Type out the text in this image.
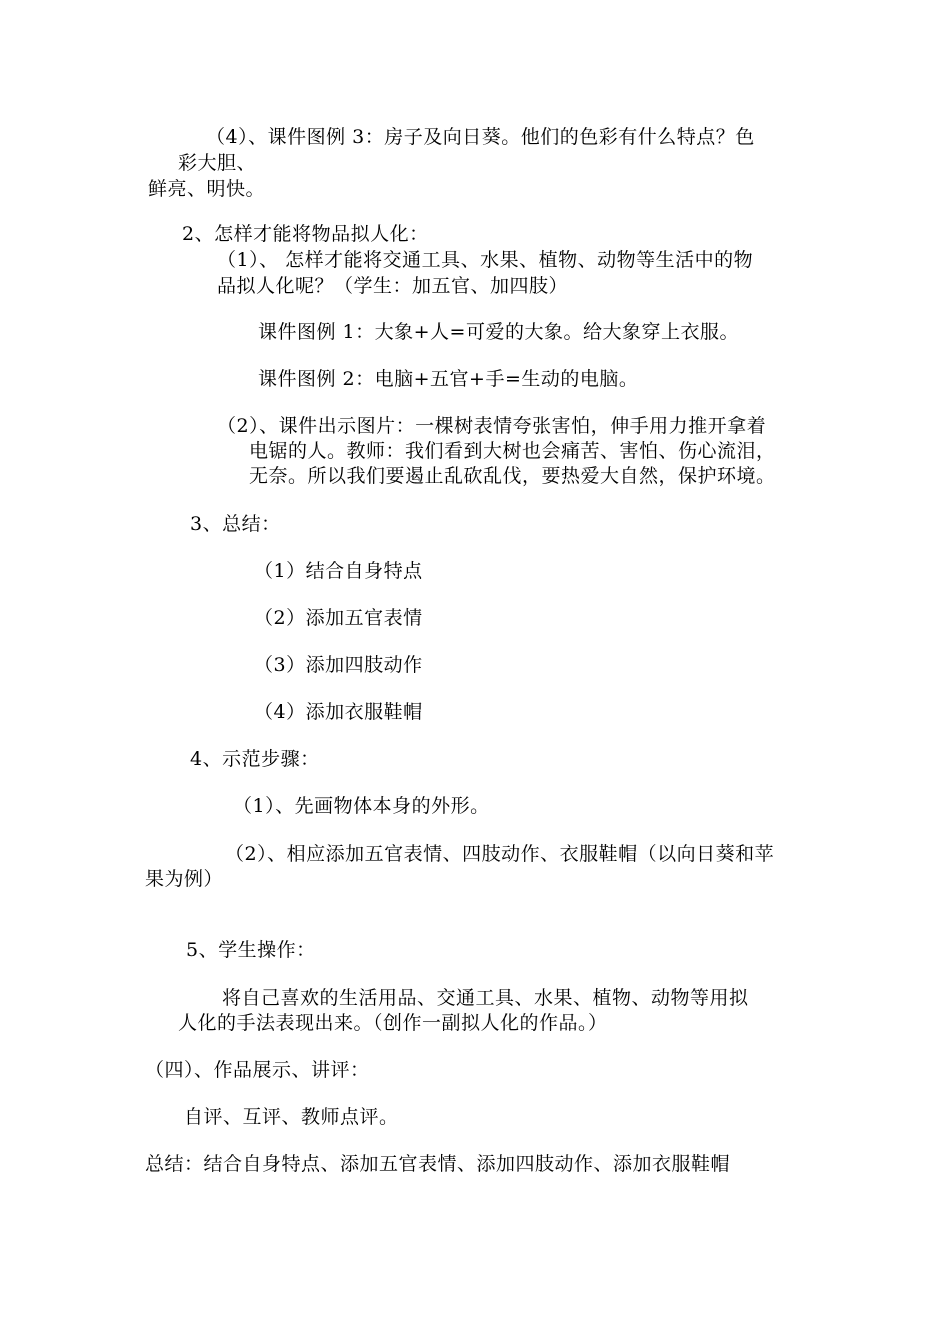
（4）、课件图例 3：房子及向日葵。他们的色彩有什么特点？色
彩大胆、
鲜亮、明快。
2、怎样才能将物品拟人化：
（1）、 怎样才能将交通工具、水果、植物、动物等生活中的物
品拟人化呢？（学生：加五官、加四肢）
课件图例 1：大象+人=可爱的大象。给大象穿上衣服。
课件图例 2：电脑+五官+手=生动的电脑。
（2）、课件出示图片：一棵树表情夸张害怕，伸手用力推开拿着
电锯的人。教师：我们看到大树也会痛苦、害怕、伤心流泪，
无奈。所以我们要遏止乱砍乱伐，要热爱大自然，保护环境。
3、总结：
（1）结合自身特点
（2）添加五官表情
（3）添加四肢动作
（4）添加衣服鞋帽
4、示范步骤：
（1）、先画物体本身的外形。
（2）、相应添加五官表情、四肢动作、衣服鞋帽（以向日葵和苹
果为例）
5、学生操作：
将自己喜欢的生活用品、交通工具、水果、植物、动物等用拟
人化的手法表现出来。（创作一副拟人化的作品。）
（四）、作品展示、讲评：
自评、互评、教师点评。
总结：结合自身特点、添加五官表情、添加四肢动作、添加衣服鞋帽
